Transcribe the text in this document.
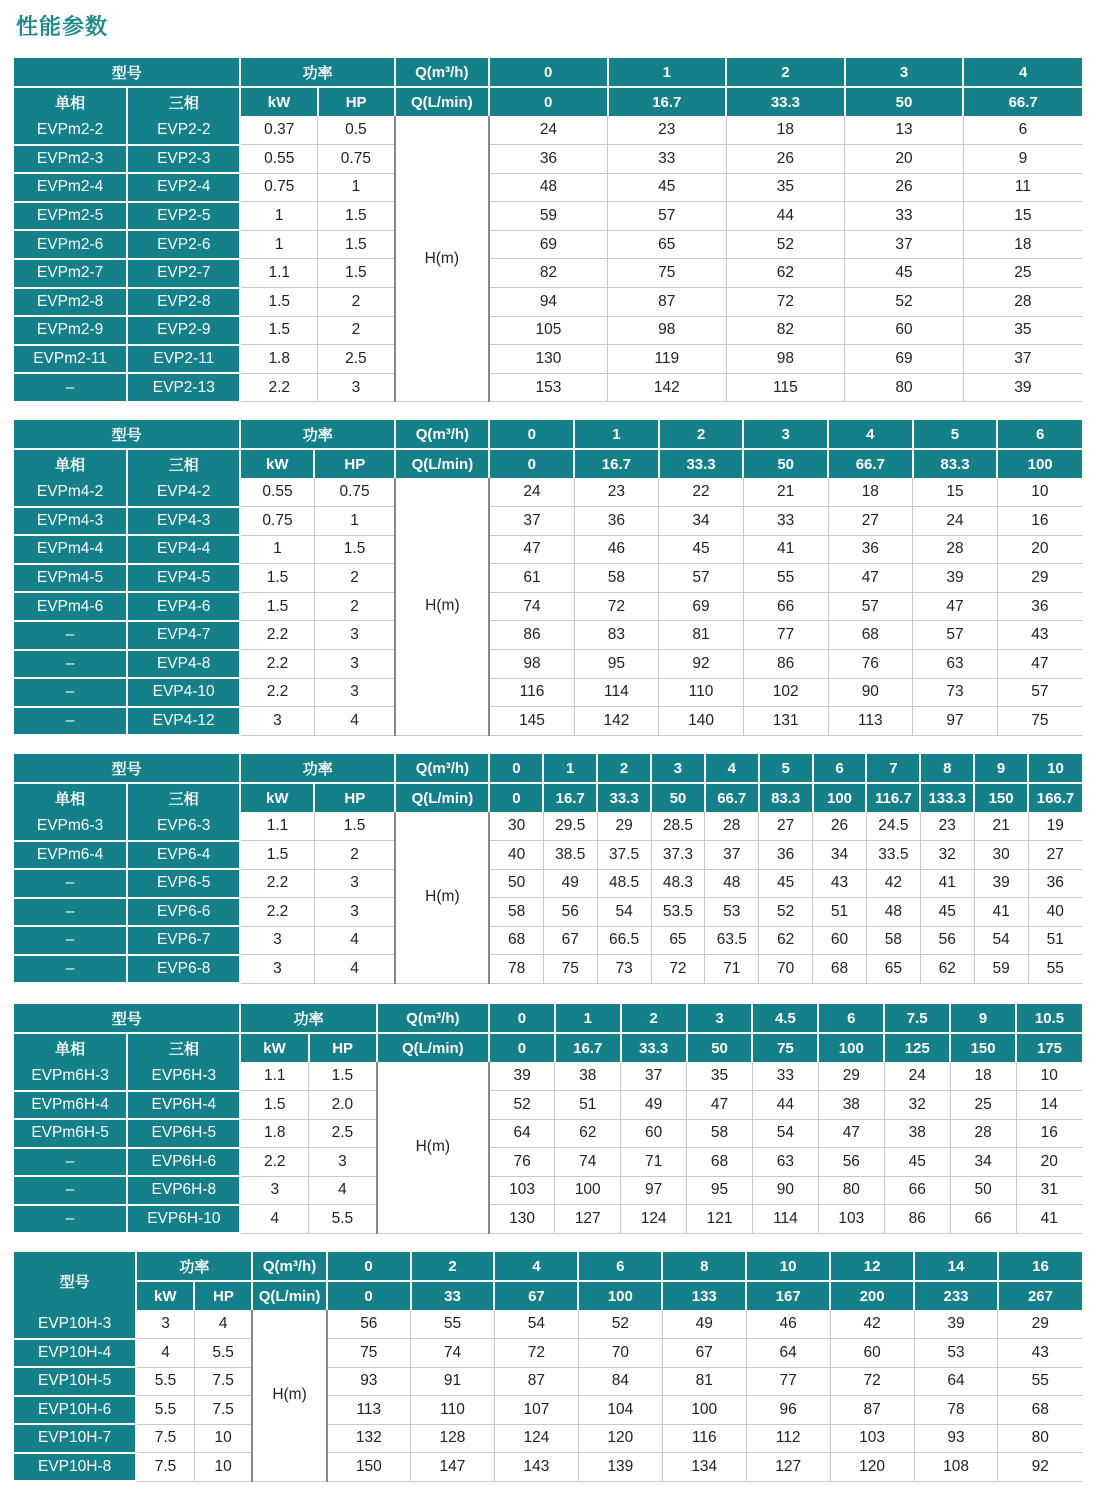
性能参数
型号		功率		Q(m³/h)	0	1	2	3	4
单相	三相	kW	HP	Q(L/min)	0	16.7	33.3	50	66.7
EVPm2-2	EVP2-2	0.37	0.5	H(m)	24	23	18	13	6
EVPm2-3	EVP2-3	0.55	0.75		36	33	26	20	9
EVPm2-4	EVP2-4	0.75	1		48	45	35	26	11
EVPm2-5	EVP2-5	1	1.5		59	57	44	33	15
EVPm2-6	EVP2-6	1	1.5		69	65	52	37	18
EVPm2-7	EVP2-7	1.1	1.5		82	75	62	45	25
EVPm2-8	EVP2-8	1.5	2		94	87	72	52	28
EVPm2-9	EVP2-9	1.5	2		105	98	82	60	35
EVPm2-11	EVP2-11	1.8	2.5		130	119	98	69	37
–	EVP2-13	2.2	3		153	142	115	80	39
型号		功率		Q(m³/h)	0	1	2	3	4	5	6
单相	三相	kW	HP	Q(L/min)	0	16.7	33.3	50	66.7	83.3	100
EVPm4-2	EVP4-2	0.55	0.75	H(m)	24	23	22	21	18	15	10
EVPm4-3	EVP4-3	0.75	1		37	36	34	33	27	24	16
EVPm4-4	EVP4-4	1	1.5		47	46	45	41	36	28	20
EVPm4-5	EVP4-5	1.5	2		61	58	57	55	47	39	29
EVPm4-6	EVP4-6	1.5	2		74	72	69	66	57	47	36
–	EVP4-7	2.2	3		86	83	81	77	68	57	43
–	EVP4-8	2.2	3		98	95	92	86	76	63	47
–	EVP4-10	2.2	3		116	114	110	102	90	73	57
–	EVP4-12	3	4		145	142	140	131	113	97	75
型号		功率		Q(m³/h)	0	1	2	3	4	5	6	7	8	9	10
单相	三相	kW	HP	Q(L/min)	0	16.7	33.3	50	66.7	83.3	100	116.7	133.3	150	166.7
EVPm6-3	EVP6-3	1.1	1.5	H(m)	30	29.5	29	28.5	28	27	26	24.5	23	21	19
EVPm6-4	EVP6-4	1.5	2		40	38.5	37.5	37.3	37	36	34	33.5	32	30	27
–	EVP6-5	2.2	3		50	49	48.5	48.3	48	45	43	42	41	39	36
–	EVP6-6	2.2	3		58	56	54	53.5	53	52	51	48	45	41	40
–	EVP6-7	3	4		68	67	66.5	65	63.5	62	60	58	56	54	51
–	EVP6-8	3	4		78	75	73	72	71	70	68	65	62	59	55
型号		功率		Q(m³/h)	0	1	2	3	4.5	6	7.5	9	10.5
单相	三相	kW	HP	Q(L/min)	0	16.7	33.3	50	75	100	125	150	175
EVPm6H-3	EVP6H-3	1.1	1.5	H(m)	39	38	37	35	33	29	24	18	10
EVPm6H-4	EVP6H-4	1.5	2.0		52	51	49	47	44	38	32	25	14
EVPm6H-5	EVP6H-5	1.8	2.5		64	62	60	58	54	47	38	28	16
–	EVP6H-6	2.2	3		76	74	71	68	63	56	45	34	20
–	EVP6H-8	3	4		103	100	97	95	90	80	66	50	31
–	EVP6H-10	4	5.5		130	127	124	121	114	103	86	66	41
型号	功率		Q(m³/h)	0	2	4	6	8	10	12	14	16
	kW	HP	Q(L/min)	0	33	67	100	133	167	200	233	267
EVP10H-3	3	4	H(m)	56	55	54	52	49	46	42	39	29
EVP10H-4	4	5.5		75	74	72	70	67	64	60	53	43
EVP10H-5	5.5	7.5		93	91	87	84	81	77	72	64	55
EVP10H-6	5.5	7.5		113	110	107	104	100	96	87	78	68
EVP10H-7	7.5	10		132	128	124	120	116	112	103	93	80
EVP10H-8	7.5	10		150	147	143	139	134	127	120	108	92
